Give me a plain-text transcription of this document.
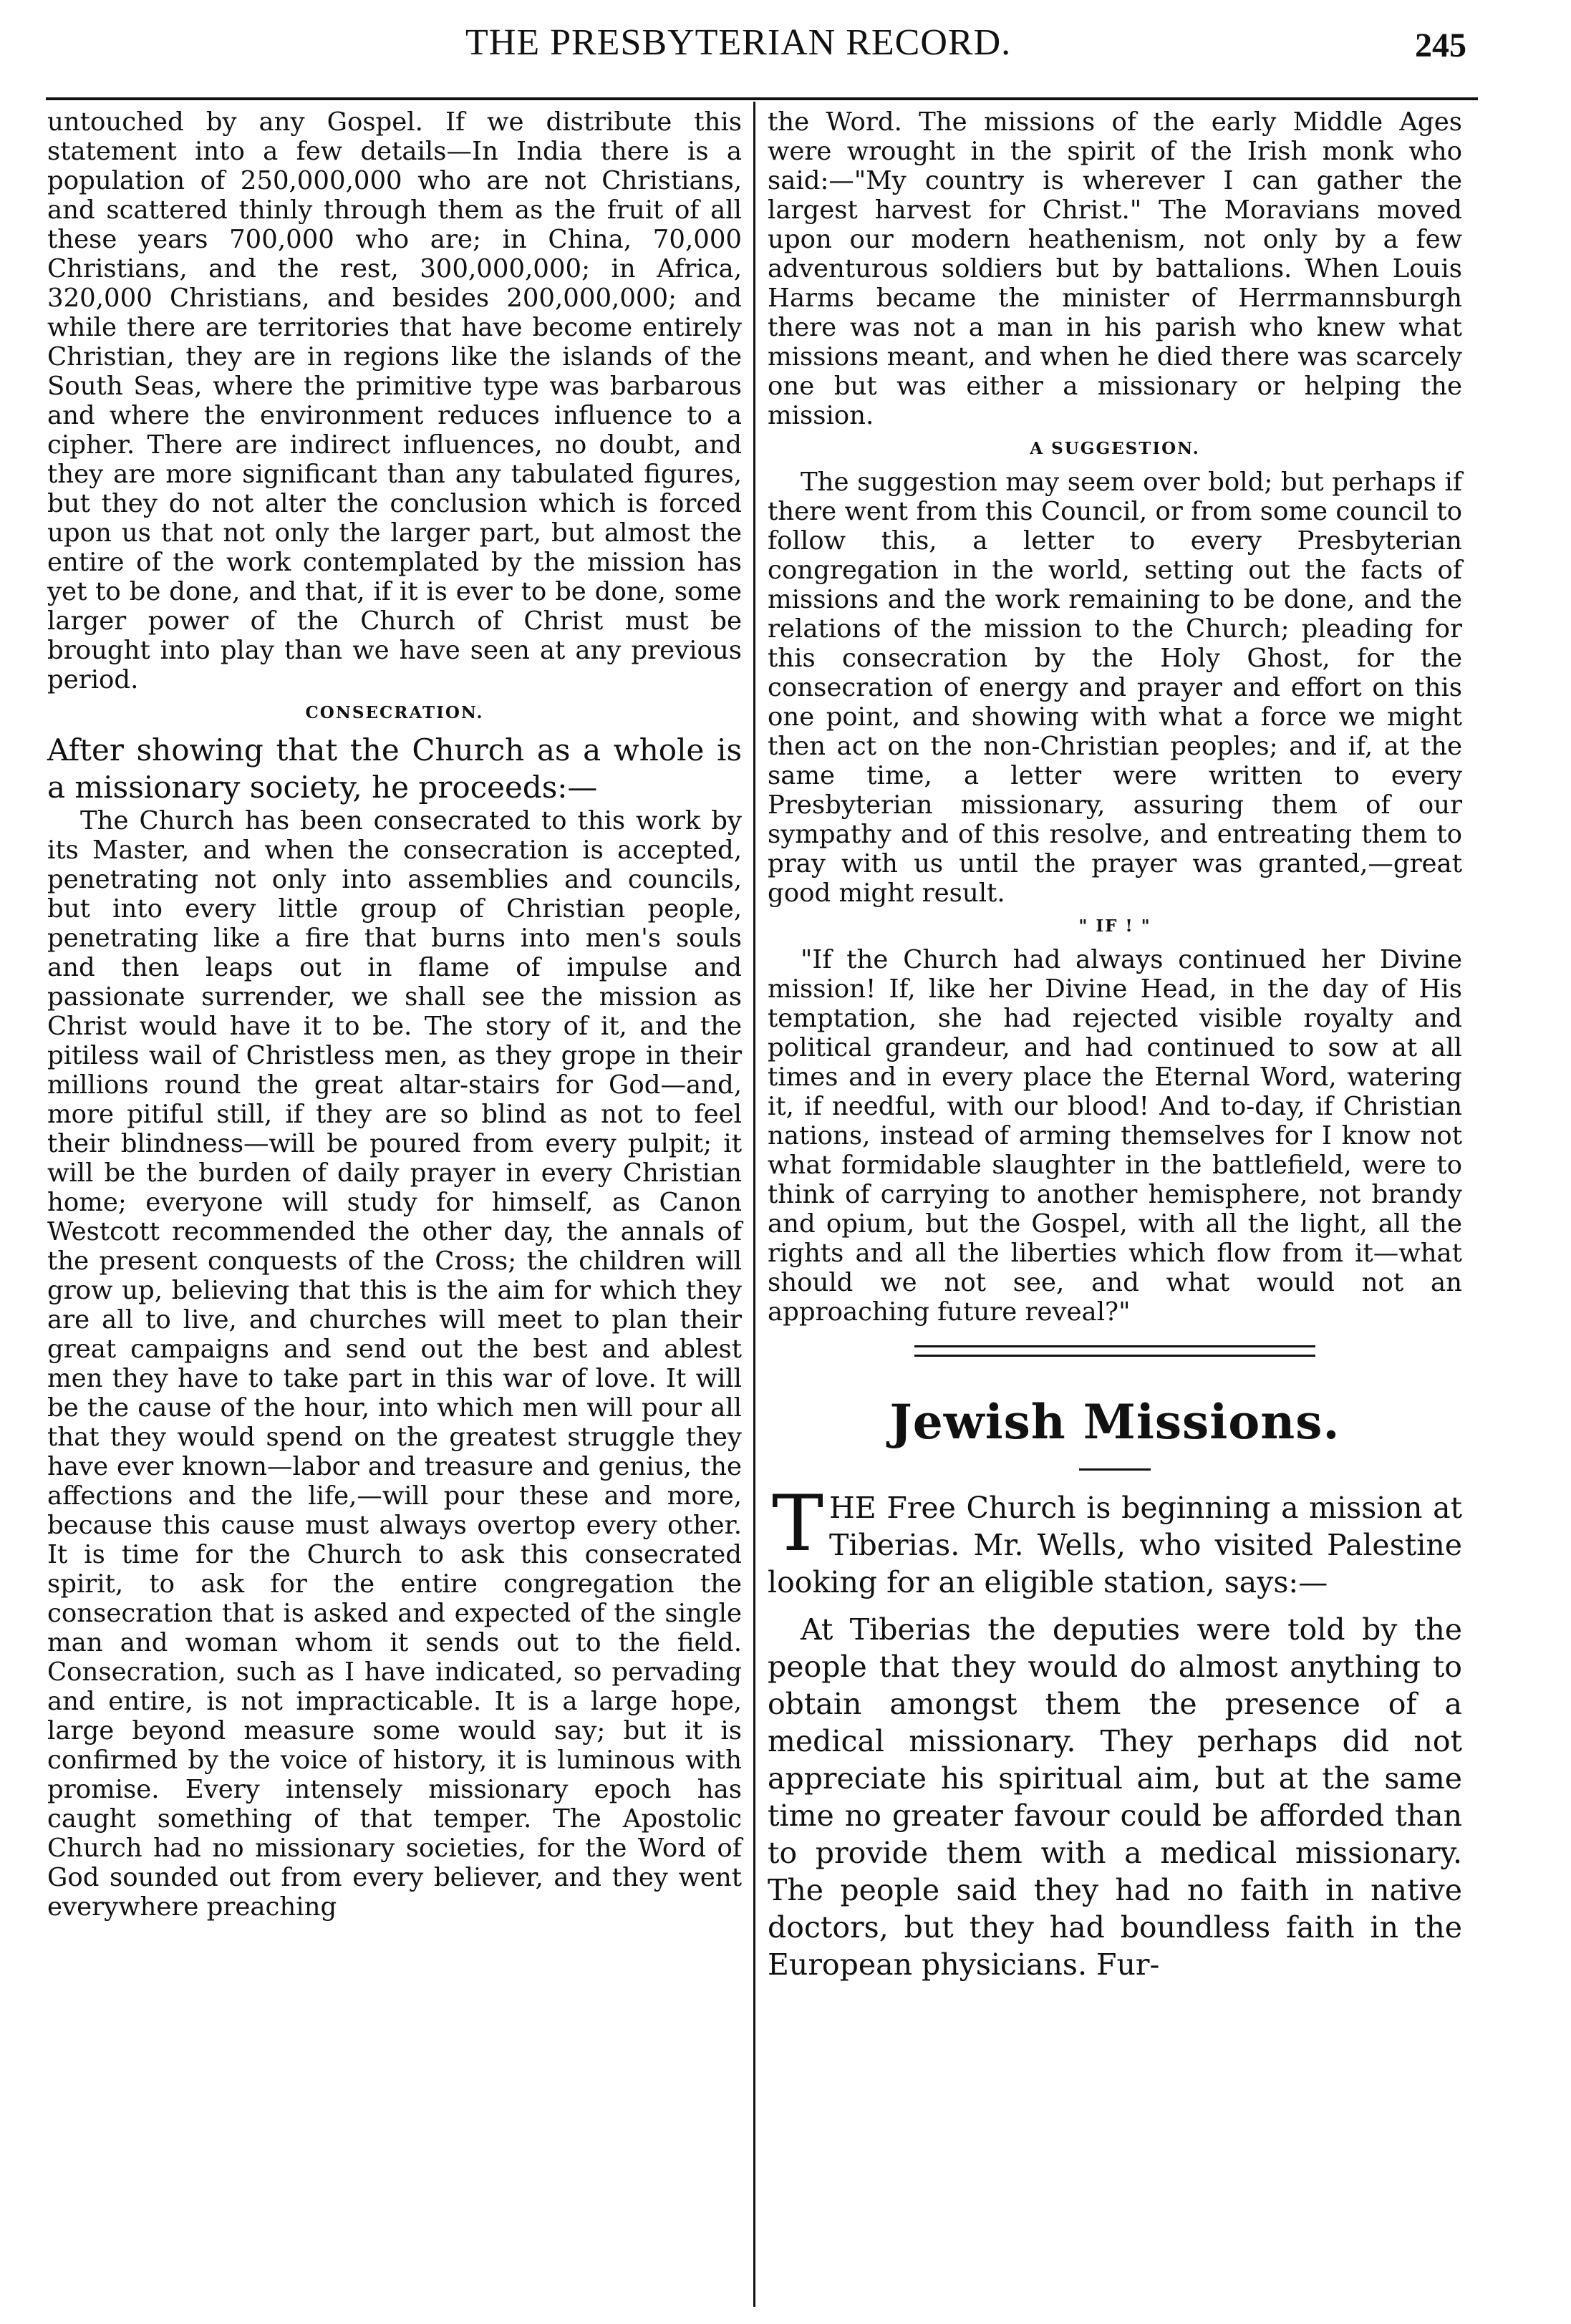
THE PRESBYTERIAN RECORD.	245

untouched by any Gospel. If we distribute this statement into a few details—In India there is a population of 250,000,000 who are not Christians, and scattered thinly through them as the fruit of all these years 700,000 who are; in China, 70,000 Christians, and the rest, 300,000,000; in Africa, 320,000 Christians, and besides 200,000,000; and while there are territories that have become entirely Christian, they are in regions like the islands of the South Seas, where the primitive type was barbarous and where the environment reduces influence to a cipher. There are indirect influences, no doubt, and they are more significant than any tabulated figures, but they do not alter the conclusion which is forced upon us that not only the larger part, but almost the entire of the work contemplated by the mission has yet to be done, and that, if it is ever to be done, some larger power of the Church of Christ must be brought into play than we have seen at any previous period.

CONSECRATION.

After showing that the Church as a whole is a missionary society, he proceeds:—

The Church has been consecrated to this work by its Master, and when the consecration is accepted, penetrating not only into assemblies and councils, but into every little group of Christian people, penetrating like a fire that burns into men's souls and then leaps out in flame of impulse and passionate surrender, we shall see the mission as Christ would have it to be. The story of it, and the pitiless wail of Christless men, as they grope in their millions round the great altar-stairs for God—and, more pitiful still, if they are so blind as not to feel their blindness—will be poured from every pulpit; it will be the burden of daily prayer in every Christian home; everyone will study for himself, as Canon Westcott recommended the other day, the annals of the present conquests of the Cross; the children will grow up, believing that this is the aim for which they are all to live, and churches will meet to plan their great campaigns and send out the best and ablest men they have to take part in this war of love. It will be the cause of the hour, into which men will pour all that they would spend on the greatest struggle they have ever known—labor and treasure and genius, the affections and the life,—will pour these and more, because this cause must always overtop every other. It is time for the Church to ask this consecrated spirit, to ask for the entire congregation the consecration that is asked and expected of the single man and woman whom it sends out to the field. Consecration, such as I have indicated, so pervading and entire, is not impracticable. It is a large hope, large beyond measure some would say; but it is confirmed by the voice of history, it is luminous with promise. Every intensely missionary epoch has caught something of that temper. The Apostolic Church had no missionary societies, for the Word of God sounded out from every believer, and they went everywhere preaching

the Word. The missions of the early Middle Ages were wrought in the spirit of the Irish monk who said:—"My country is wherever I can gather the largest harvest for Christ." The Moravians moved upon our modern heathenism, not only by a few adventurous soldiers but by battalions. When Louis Harms became the minister of Herrmannsburgh there was not a man in his parish who knew what missions meant, and when he died there was scarcely one but was either a missionary or helping the mission.

A SUGGESTION.

The suggestion may seem over bold; but perhaps if there went from this Council, or from some council to follow this, a letter to every Presbyterian congregation in the world, setting out the facts of missions and the work remaining to be done, and the relations of the mission to the Church; pleading for this consecration by the Holy Ghost, for the consecration of energy and prayer and effort on this one point, and showing with what a force we might then act on the non-Christian peoples; and if, at the same time, a letter were written to every Presbyterian missionary, assuring them of our sympathy and of this resolve, and entreating them to pray with us until the prayer was granted,—great good might result.

" IF ! "

"If the Church had always continued her Divine mission! If, like her Divine Head, in the day of His temptation, she had rejected visible royalty and political grandeur, and had continued to sow at all times and in every place the Eternal Word, watering it, if needful, with our blood! And to-day, if Christian nations, instead of arming themselves for I know not what formidable slaughter in the battlefield, were to think of carrying to another hemisphere, not brandy and opium, but the Gospel, with all the light, all the rights and all the liberties which flow from it—what should we not see, and what would not an approaching future reveal?"

Jewish Missions.

THE Free Church is beginning a mission at Tiberias. Mr. Wells, who visited Palestine looking for an eligible station, says:—

At Tiberias the deputies were told by the people that they would do almost anything to obtain amongst them the presence of a medical missionary. They perhaps did not appreciate his spiritual aim, but at the same time no greater favour could be afforded than to provide them with a medical missionary. The people said they had no faith in native doctors, but they had boundless faith in the European physicians. Fur-
